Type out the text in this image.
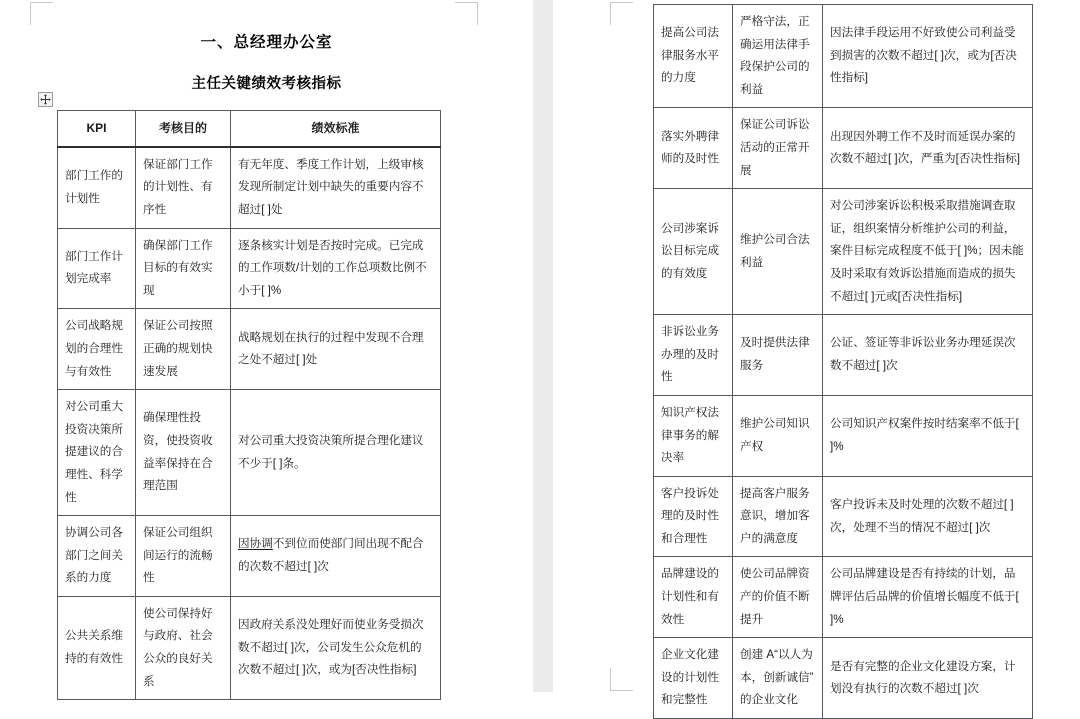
一、总经理办公室
主任关键绩效考核指标
KPI	考核目的	绩效标准
部门工作的计划性	保证部门工作的计划性、有序性	有无年度、季度工作计划，上级审核发现所制定计划中缺失的重要内容不超过[ ]处
部门工作计划完成率	确保部门工作目标的有效实现	逐条核实计划是否按时完成。已完成的工作项数/计划的工作总项数比例不小于[ ]%
公司战略规划的合理性与有效性	保证公司按照正确的规划快速发展	战略规划在执行的过程中发现不合理之处不超过[ ]处
对公司重大投资决策所提建议的合理性、科学性	确保理性投资，使投资收益率保持在合理范围	对公司重大投资决策所提合理化建议不少于[ ]条。
协调公司各部门之间关系的力度	保证公司组织间运行的流畅性	因协调不到位而使部门间出现不配合的次数不超过[ ]次
公共关系维持的有效性	使公司保持好与政府、社会公众的良好关系	因政府关系没处理好而使业务受损次数不超过[ ]次，公司发生公众危机的次数不超过[ ]次，或为[否决性指标]
提高公司法律服务水平的力度	严格守法，正确运用法律手段保护公司的利益	因法律手段运用不好致使公司利益受到损害的次数不超过[ ]次，或为[否决性指标]
落实外聘律师的及时性	保证公司诉讼活动的正常开展	出现因外聘工作不及时而延误办案的次数不超过[ ]次，严重为[否决性指标]
公司涉案诉讼目标完成的有效度	维护公司合法利益	对公司涉案诉讼积极采取措施调查取证，组织案情分析维护公司的利益，案件目标完成程度不低于[ ]%；因未能及时采取有效诉讼措施而造成的损失不超过[ ]元或[否决性指标]
非诉讼业务办理的及时性	及时提供法律服务	公证、签证等非诉讼业务办理延误次数不超过[ ]次
知识产权法律事务的解决率	维护公司知识产权	公司知识产权案件按时结案率不低于[ ]%
客户投诉处理的及时性和合理性	提高客户服务意识，增加客户的满意度	客户投诉未及时处理的次数不超过[ ]次，处理不当的情况不超过[ ]次
品牌建设的计划性和有效性	使公司品牌资产的价值不断提升	公司品牌建设是否有持续的计划，品牌评估后品牌的价值增长幅度不低于[ ]%
企业文化建设的计划性和完整性	创建 A“以人为本，创新诚信”的企业文化	是否有完整的企业文化建设方案，计划没有执行的次数不超过[ ]次
